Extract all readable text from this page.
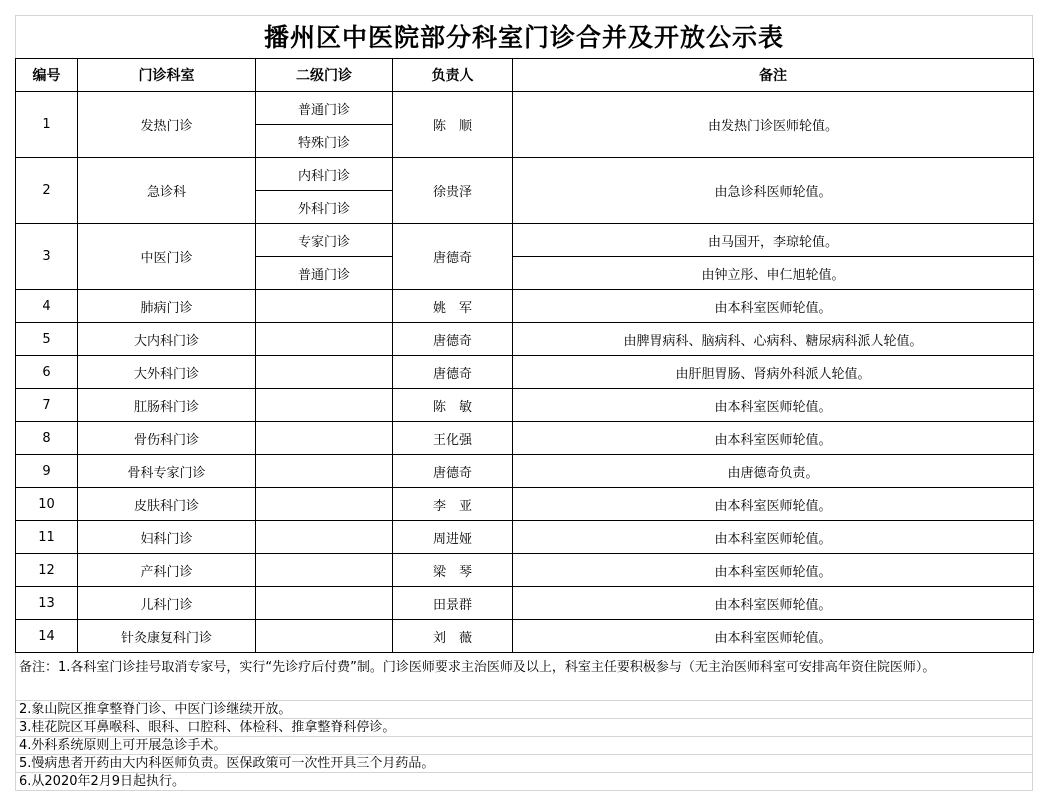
播州区中医院部分科室门诊合并及开放公示表
编号	门诊科室	二级门诊	负责人	备注
1	发热门诊	普通门诊	陈　顺	由发热门诊医师轮值。
		特殊门诊		
2	急诊科	内科门诊	徐贵泽	由急诊科医师轮值。
		外科门诊		
3	中医门诊	专家门诊	唐德奇	由马国开，李琼轮值。
		普通门诊		由钟立彤、申仁旭轮值。
4	肺病门诊		姚　军	由本科室医师轮值。
5	大内科门诊		唐德奇	由脾胃病科、脑病科、心病科、糖尿病科派人轮值。
6	大外科门诊		唐德奇	由肝胆胃肠、肾病外科派人轮值。
7	肛肠科门诊		陈　敏	由本科室医师轮值。
8	骨伤科门诊		王化强	由本科室医师轮值。
9	骨科专家门诊		唐德奇	由唐德奇负责。
10	皮肤科门诊		李　亚	由本科室医师轮值。
11	妇科门诊		周进娅	由本科室医师轮值。
12	产科门诊		梁　琴	由本科室医师轮值。
13	儿科门诊		田景群	由本科室医师轮值。
14	针灸康复科门诊		刘　薇	由本科室医师轮值。
备注：1.各科室门诊挂号取消专家号，实行“先诊疗后付费”制。门诊医师要求主治医师及以上，科室主任要积极参与（无主治医师科室可安排高年资住院医师）。
2.象山院区推拿整脊门诊、中医门诊继续开放。
3.桂花院区耳鼻喉科、眼科、口腔科、体检科、推拿整脊科停诊。
4.外科系统原则上可开展急诊手术。
5.慢病患者开药由大内科医师负责。医保政策可一次性开具三个月药品。
6.从2020年2月9日起执行。
